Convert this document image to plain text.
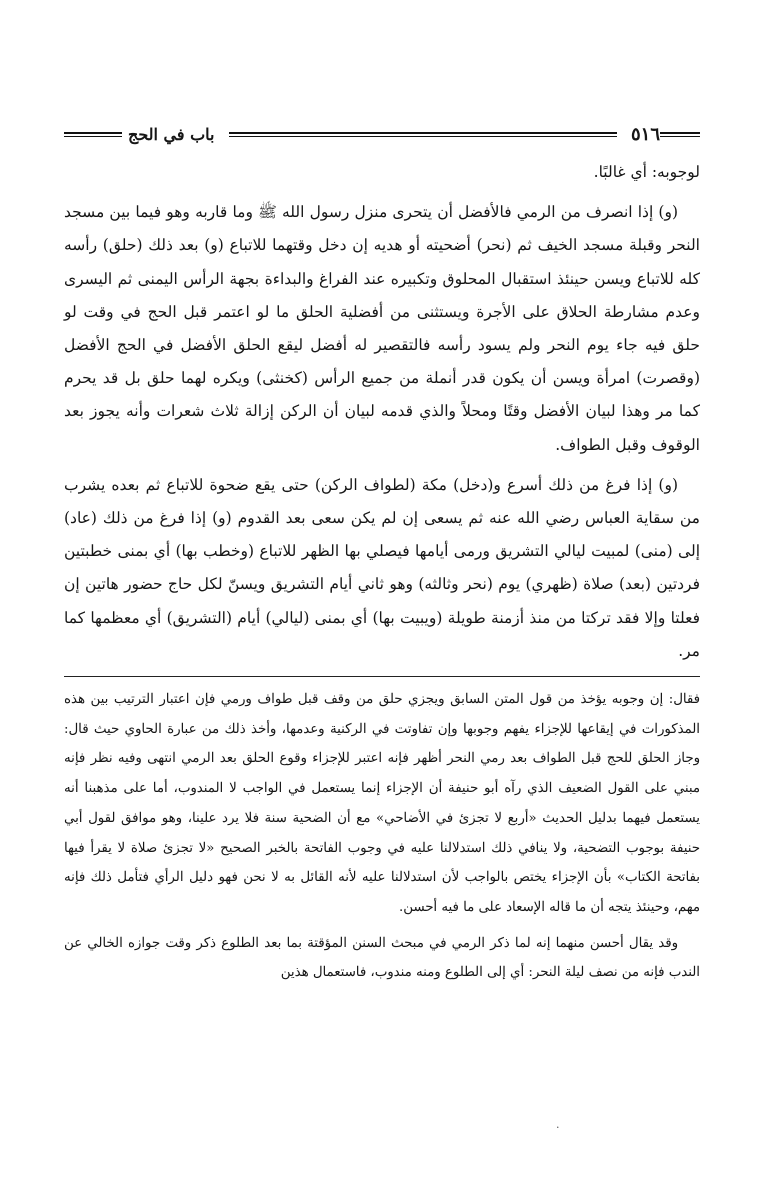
٥١٦
باب في الحج

لوجوبه: أي غالبًا.

(و) إذا انصرف من الرمي فالأفضل أن يتحرى منزل رسول الله ﷺ وما قاربه وهو فيما بين مسجد النحر وقبلة مسجد الخيف ثم (نحر) أضحيته أو هديه إن دخل وقتهما للاتباع (و) بعد ذلك (حلق) رأسه كله للاتباع ويسن حينئذ استقبال المحلوق وتكبيره عند الفراغ والبداءة بجهة الرأس اليمنى ثم اليسرى وعدم مشارطة الحلاق على الأجرة ويستثنى من أفضلية الحلق ما لو اعتمر قبل الحج في وقت لو حلق فيه جاء يوم النحر ولم يسود رأسه فالتقصير له أفضل ليقع الحلق الأفضل في الحج الأفضل (وقصرت) امرأة ويسن أن يكون قدر أنملة من جميع الرأس (كخنثى) ويكره لهما حلق بل قد يحرم كما مر وهذا لبيان الأفضل وقتًا ومحلاً والذي قدمه لبيان أن الركن إزالة ثلاث شعرات وأنه يجوز بعد الوقوف وقبل الطواف.

(و) إذا فرغ من ذلك أسرع و(دخل) مكة (لطواف الركن) حتى يقع ضحوة للاتباع ثم بعده يشرب من سقاية العباس رضي الله عنه ثم يسعى إن لم يكن سعى بعد القدوم (و) إذا فرغ من ذلك (عاد) إلى (منى) لمبيت ليالي التشريق ورمى أيامها فيصلي بها الظهر للاتباع (وخطب بها) أي بمنى خطبتين فردتين (بعد) صلاة (ظهري) يوم (نحر وثالثه) وهو ثاني أيام التشريق ويسنّ لكل حاج حضور هاتين إن فعلتا وإلا فقد تركتا من منذ أزمنة طويلة (ويبيت بها) أي بمنى (ليالي) أيام (التشريق) أي معظمها كما مر.

فقال: إن وجوبه يؤخذ من قول المتن السابق ويجزي حلق من وقف قبل طواف ورمي فإن اعتبار الترتيب بين هذه المذكورات في إيقاعها للإجزاء يفهم وجوبها وإن تفاوتت في الركنية وعدمها، وأخذ ذلك من عبارة الحاوي حيث قال: وجاز الحلق للحج قبل الطواف بعد رمي النحر أظهر فإنه اعتبر للإجزاء وقوع الحلق بعد الرمي انتهى وفيه نظر فإنه مبني على القول الضعيف الذي رآه أبو حنيفة أن الإجزاء إنما يستعمل في الواجب لا المندوب، أما على مذهبنا أنه يستعمل فيهما بدليل الحديث «أربع لا تجزئ في الأضاحي» مع أن الضحية سنة فلا يرد علينا، وهو موافق لقول أبي حنيفة بوجوب التضحية، ولا ينافي ذلك استدلالنا عليه في وجوب الفاتحة بالخبر الصحيح «لا تجزئ صلاة لا يقرأ فيها بفاتحة الكتاب» بأن الإجزاء يختص بالواجب لأن استدلالنا عليه لأنه القائل به لا نحن فهو دليل الرأي فتأمل ذلك فإنه مهم، وحينئذ يتجه أن ما قاله الإسعاد على ما فيه أحسن.

وقد يقال أحسن منهما إنه لما ذكر الرمي في مبحث السنن المؤقتة بما بعد الطلوع ذكر وقت جوازه الخالي عن الندب فإنه من نصف ليلة النحر: أي إلى الطلوع ومنه مندوب، فاستعمال هذين

.
